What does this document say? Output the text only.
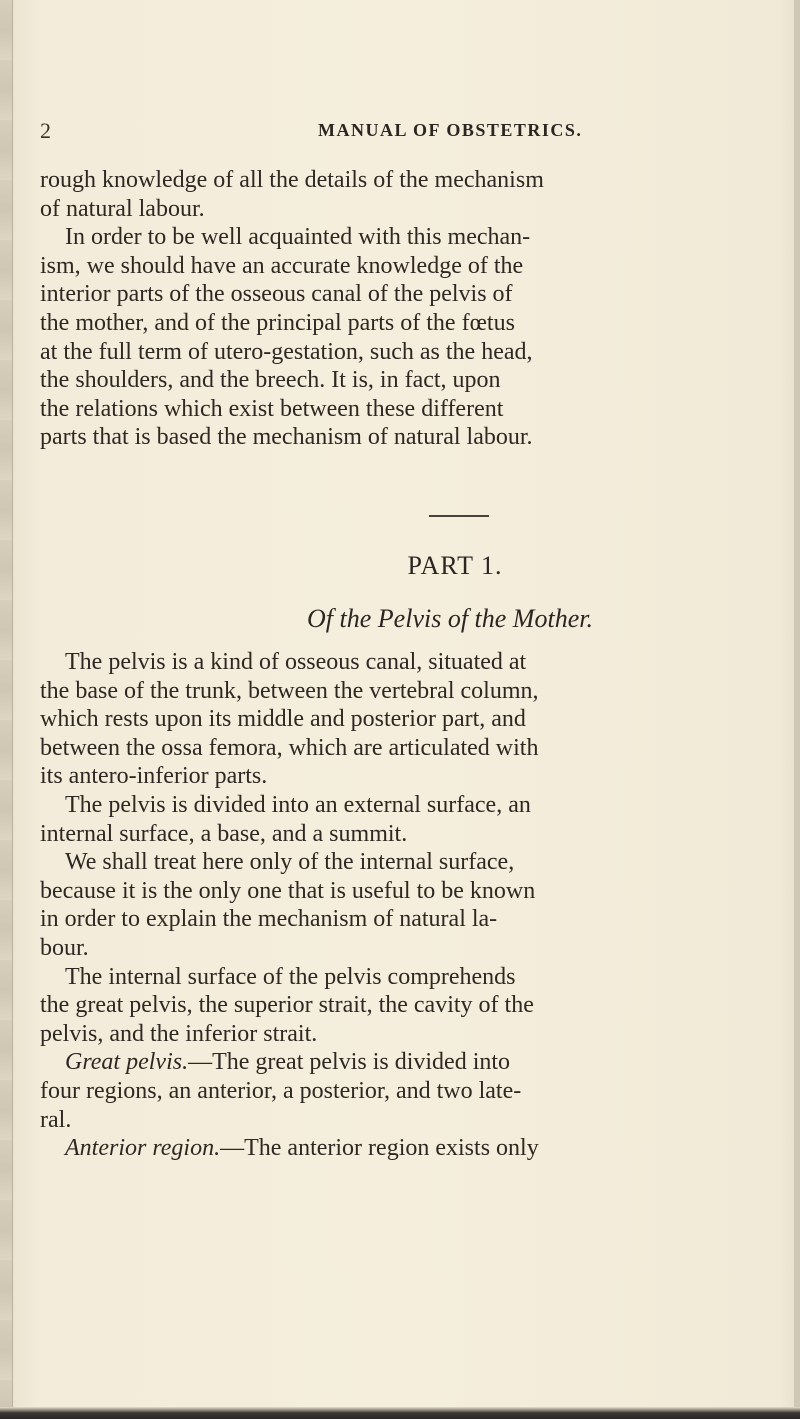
2	MANUAL OF OBSTETRICS.
rough knowledge of all the details of the mechanism
of natural labour.
In order to be well acquainted with this mechan-
ism, we should have an accurate knowledge of the
interior parts of the osseous canal of the pelvis of
the mother, and of the principal parts of the fœtus
at the full term of utero-gestation, such as the head,
the shoulders, and the breech. It is, in fact, upon
the relations which exist between these different
parts that is based the mechanism of natural labour.
PART 1.
Of the Pelvis of the Mother.
The pelvis is a kind of osseous canal, situated at
the base of the trunk, between the vertebral column,
which rests upon its middle and posterior part, and
between the ossa femora, which are articulated with
its antero-inferior parts.
The pelvis is divided into an external surface, an
internal surface, a base, and a summit.
We shall treat here only of the internal surface,
because it is the only one that is useful to be known
in order to explain the mechanism of natural la-
bour.
The internal surface of the pelvis comprehends
the great pelvis, the superior strait, the cavity of the
pelvis, and the inferior strait.
Great pelvis.—The great pelvis is divided into
four regions, an anterior, a posterior, and two late-
ral.
Anterior region.—The anterior region exists only
